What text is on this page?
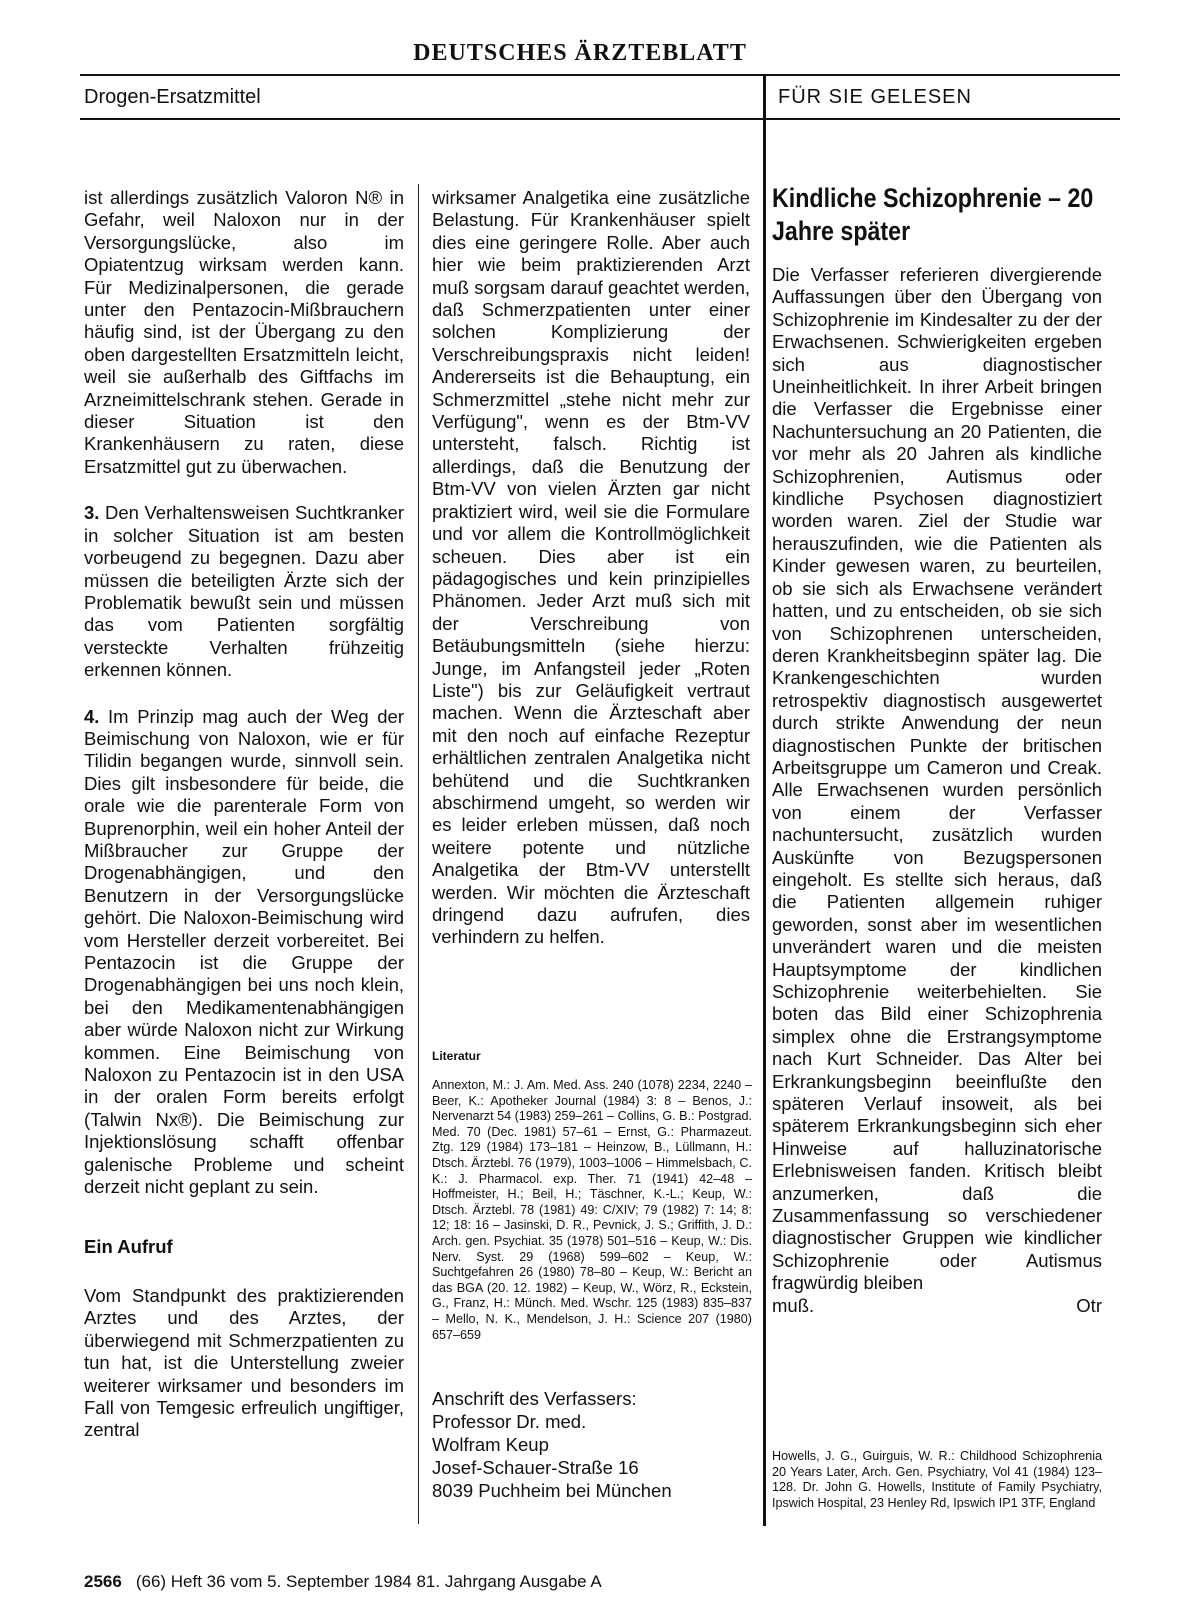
DEUTSCHES ÄRZTEBLATT
Drogen-Ersatzmittel	FÜR SIE GELESEN

ist allerdings zusätzlich Valoron N® in Gefahr, weil Naloxon nur in der Versorgungslücke, also im Opiatentzug wirksam werden kann. Für Medizinalpersonen, die gerade unter den Pentazocin-Mißbrauchern häufig sind, ist der Übergang zu den oben dargestellten Ersatzmitteln leicht, weil sie außerhalb des Giftfachs im Arzneimittelschrank stehen. Gerade in dieser Situation ist den Krankenhäusern zu raten, diese Ersatzmittel gut zu überwachen.

3. Den Verhaltensweisen Suchtkranker in solcher Situation ist am besten vorbeugend zu begegnen. Dazu aber müssen die beteiligten Ärzte sich der Problematik bewußt sein und müssen das vom Patienten sorgfältig versteckte Verhalten frühzeitig erkennen können.

4. Im Prinzip mag auch der Weg der Beimischung von Naloxon, wie er für Tilidin begangen wurde, sinnvoll sein. Dies gilt insbesondere für beide, die orale wie die parenterale Form von Buprenorphin, weil ein hoher Anteil der Mißbraucher zur Gruppe der Drogenabhängigen, und den Benutzern in der Versorgungslücke gehört. Die Naloxon-Beimischung wird vom Hersteller derzeit vorbereitet. Bei Pentazocin ist die Gruppe der Drogenabhängigen bei uns noch klein, bei den Medikamentenabhängigen aber würde Naloxon nicht zur Wirkung kommen. Eine Beimischung von Naloxon zu Pentazocin ist in den USA in der oralen Form bereits erfolgt (Talwin Nx®). Die Beimischung zur Injektionslösung schafft offenbar galenische Probleme und scheint derzeit nicht geplant zu sein.

Ein Aufruf

Vom Standpunkt des praktizierenden Arztes und des Arztes, der überwiegend mit Schmerzpatienten zu tun hat, ist die Unterstellung zweier weiterer wirksamer und besonders im Fall von Temgesic erfreulich ungiftiger, zentral

wirksamer Analgetika eine zusätzliche Belastung. Für Krankenhäuser spielt dies eine geringere Rolle. Aber auch hier wie beim praktizierenden Arzt muß sorgsam darauf geachtet werden, daß Schmerzpatienten unter einer solchen Komplizierung der Verschreibungspraxis nicht leiden! Andererseits ist die Behauptung, ein Schmerzmittel „stehe nicht mehr zur Verfügung", wenn es der Btm-VV untersteht, falsch. Richtig ist allerdings, daß die Benutzung der Btm-VV von vielen Ärzten gar nicht praktiziert wird, weil sie die Formulare und vor allem die Kontrollmöglichkeit scheuen. Dies aber ist ein pädagogisches und kein prinzipielles Phänomen. Jeder Arzt muß sich mit der Verschreibung von Betäubungsmitteln (siehe hierzu: Junge, im Anfangsteil jeder „Roten Liste") bis zur Geläufigkeit vertraut machen. Wenn die Ärzteschaft aber mit den noch auf einfache Rezeptur erhältlichen zentralen Analgetika nicht behütend und die Suchtkranken abschirmend umgeht, so werden wir es leider erleben müssen, daß noch weitere potente und nützliche Analgetika der Btm-VV unterstellt werden. Wir möchten die Ärzteschaft dringend dazu aufrufen, dies verhindern zu helfen.

Literatur
Annexton, M.: J. Am. Med. Ass. 240 (1078) 2234, 2240 – Beer, K.: Apotheker Journal (1984) 3: 8 – Benos, J.: Nervenarzt 54 (1983) 259–261 – Collins, G. B.: Postgrad. Med. 70 (Dec. 1981) 57–61 – Ernst, G.: Pharmazeut. Ztg. 129 (1984) 173–181 – Heinzow, B., Lüllmann, H.: Dtsch. Ärztebl. 76 (1979), 1003–1006 – Himmelsbach, C. K.: J. Pharmacol. exp. Ther. 71 (1941) 42–48 – Hoffmeister, H.; Beil, H.; Täschner, K.-L.; Keup, W.: Dtsch. Ärztebl. 78 (1981) 49: C/XIV; 79 (1982) 7: 14; 8: 12; 18: 16 – Jasinski, D. R., Pevnick, J. S.; Griffith, J. D.: Arch. gen. Psychiat. 35 (1978) 501–516 – Keup, W.: Dis. Nerv. Syst. 29 (1968) 599–602 – Keup, W.: Suchtgefahren 26 (1980) 78–80 – Keup, W.: Bericht an das BGA (20. 12. 1982) – Keup, W., Wörz, R., Eckstein, G., Franz, H.: Münch. Med. Wschr. 125 (1983) 835–837 – Mello, N. K., Mendelson, J. H.: Science 207 (1980) 657–659
Anschrift des Verfassers:
Professor Dr. med.
Wolfram Keup
Josef-Schauer-Straße 16
8039 Puchheim bei München
Kindliche Schizophrenie – 20 Jahre später

Die Verfasser referieren divergierende Auffassungen über den Übergang von Schizophrenie im Kindesalter zu der der Erwachsenen. Schwierigkeiten ergeben sich aus diagnostischer Uneinheitlichkeit. In ihrer Arbeit bringen die Verfasser die Ergebnisse einer Nachuntersuchung an 20 Patienten, die vor mehr als 20 Jahren als kindliche Schizophrenien, Autismus oder kindliche Psychosen diagnostiziert worden waren. Ziel der Studie war herauszufinden, wie die Patienten als Kinder gewesen waren, zu beurteilen, ob sie sich als Erwachsene verändert hatten, und zu entscheiden, ob sie sich von Schizophrenen unterscheiden, deren Krankheitsbeginn später lag. Die Krankengeschichten wurden retrospektiv diagnostisch ausgewertet durch strikte Anwendung der neun diagnostischen Punkte der britischen Arbeitsgruppe um Cameron und Creak. Alle Erwachsenen wurden persönlich von einem der Verfasser nachuntersucht, zusätzlich wurden Auskünfte von Bezugspersonen eingeholt. Es stellte sich heraus, daß die Patienten allgemein ruhiger geworden, sonst aber im wesentlichen unverändert waren und die meisten Hauptsymptome der kindlichen Schizophrenie weiterbehielten. Sie boten das Bild einer Schizophrenia simplex ohne die Erstrangsymptome nach Kurt Schneider. Das Alter bei Erkrankungsbeginn beeinflußte den späteren Verlauf insoweit, als bei späterem Erkrankungsbeginn sich eher Hinweise auf halluzinatorische Erlebnisweisen fanden. Kritisch bleibt anzumerken, daß die Zusammenfassung so verschiedener diagnostischer Gruppen wie kindlicher Schizophrenie oder Autismus fragwürdig bleiben

muß.	Otr
Howells, J. G., Guirguis, W. R.: Childhood Schizophrenia 20 Years Later, Arch. Gen. Psychiatry, Vol 41 (1984) 123–128. Dr. John G. Howells, Institute of Family Psychiatry, Ipswich Hospital, 23 Henley Rd, Ipswich IP1 3TF, England
2566 (66) Heft 36 vom 5. September 1984 81. Jahrgang Ausgabe A
